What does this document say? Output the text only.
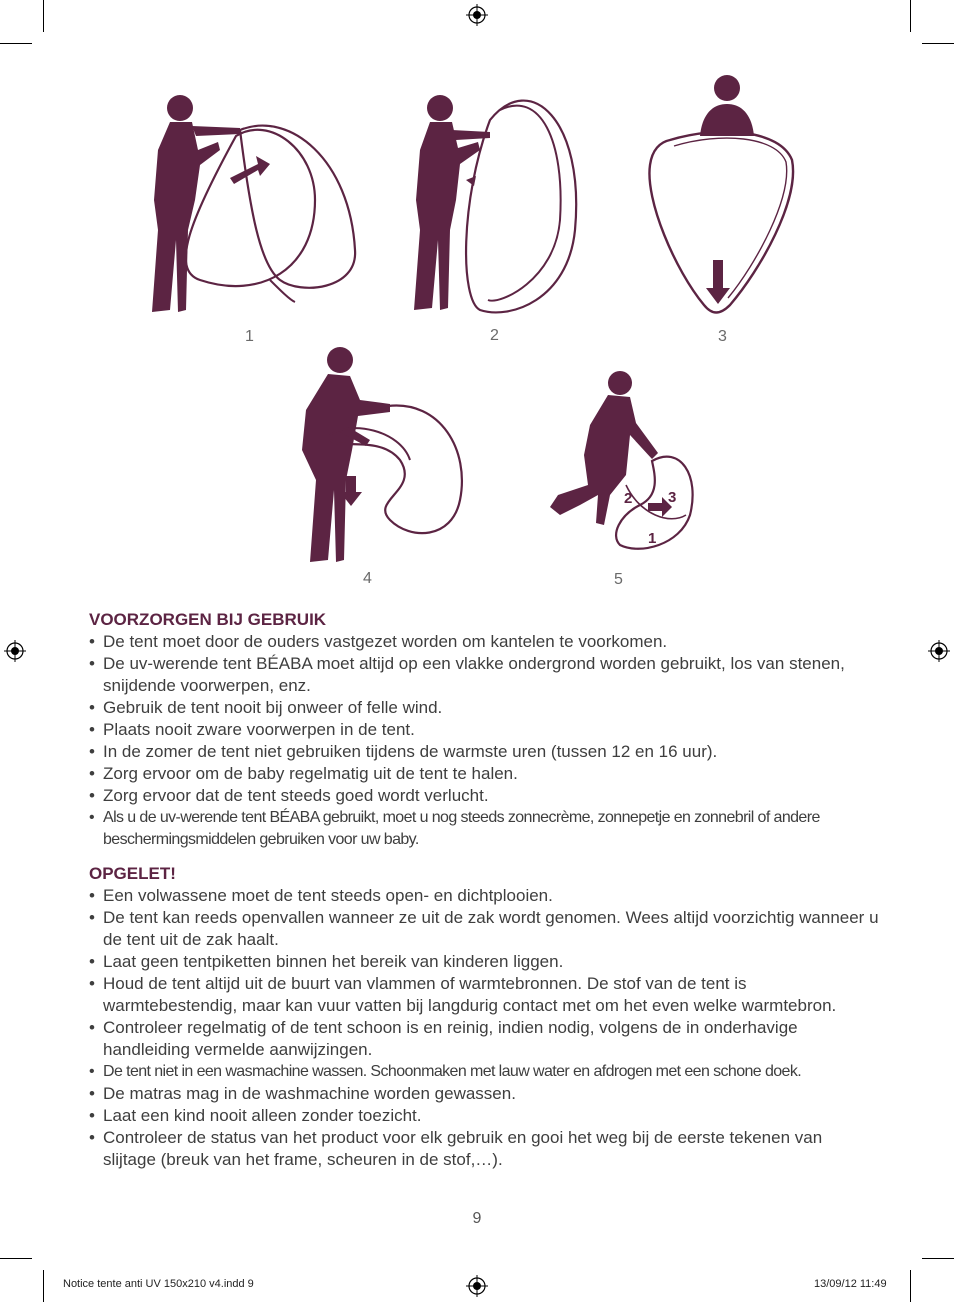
1	2	3
4
2 3
1
5
VOORZORGEN BIJ GEBRUIK
• De tent moet door de ouders vastgezet worden om kantelen te voorkomen.
• De uv-werende tent BÉABA moet altijd op een vlakke ondergrond worden gebruikt, los van stenen, snijdende voorwerpen, enz.
• Gebruik de tent nooit bij onweer of felle wind.
• Plaats nooit zware voorwerpen in de tent.
• In de zomer de tent niet gebruiken tijdens de warmste uren (tussen 12 en 16 uur).
• Zorg ervoor om de baby regelmatig uit de tent te halen.
• Zorg ervoor dat de tent steeds goed wordt verlucht.
• Als u de uv-werende tent BÉABA gebruikt, moet u nog steeds zonnecrème, zonnepetje en zonnebril of andere beschermingsmiddelen gebruiken voor uw baby.
OPGELET!
• Een volwassene moet de tent steeds open- en dichtplooien.
• De tent kan reeds openvallen wanneer ze uit de zak wordt genomen. Wees altijd voorzichtig wanneer u de tent uit de zak haalt.
• Laat geen tentpiketten binnen het bereik van kinderen liggen.
• Houd de tent altijd uit de buurt van vlammen of warmtebronnen. De stof van de tent is warmtebestendig, maar kan vuur vatten bij langdurig contact met om het even welke warmtebron.
• Controleer regelmatig of de tent schoon is en reinig, indien nodig, volgens de in onderhavige handleiding vermelde aanwijzingen.
• De tent niet in een wasmachine wassen. Schoonmaken met lauw water en afdrogen met een schone doek.
• De matras mag in de washmachine worden gewassen.
• Laat een kind nooit alleen zonder toezicht.
• Controleer de status van het product voor elk gebruik en gooi het weg bij de eerste tekenen van slijtage (breuk van het frame, scheuren in de stof,…).
9
Notice tente anti UV 150x210 v4.indd 9	13/09/12 11:49
